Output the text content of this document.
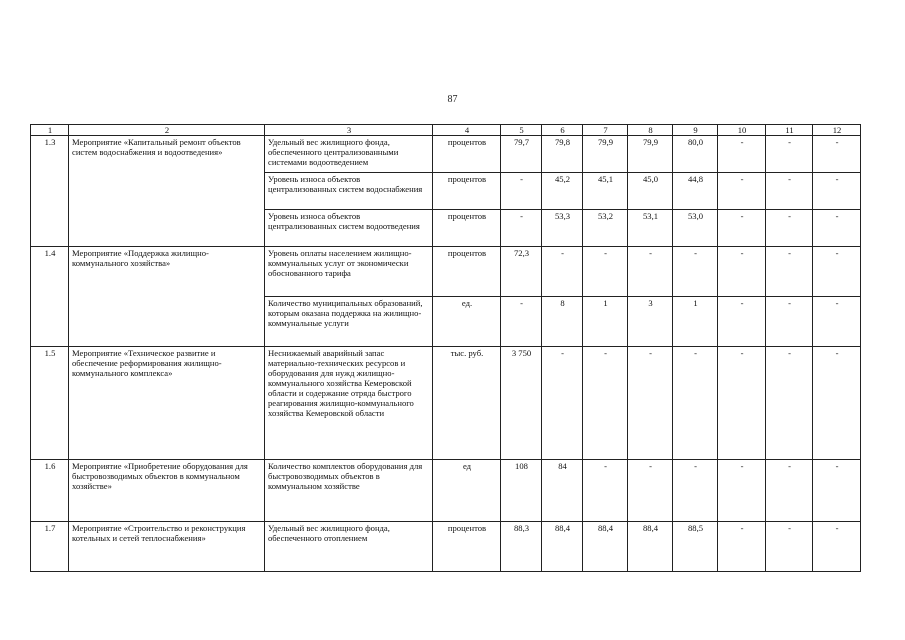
87
1	2	3	4	5	6	7	8	9	10	11	12
1.3	Мероприятие «Капитальный ремонт объектов систем водоснабжения и водоотведения»	Удельный вес жилищного фонда, обеспеченного централизованными системами водоотведением	процентов	79,7	79,8	79,9	79,9	80,0	-	-	-
		Уровень износа объектов централизованных систем водоснабжения	процентов	-	45,2	45,1	45,0	44,8	-	-	-
		Уровень износа объектов централизованных систем водоотведения	процентов	-	53,3	53,2	53,1	53,0	-	-	-
1.4	Мероприятие «Поддержка жилищно-коммунального хозяйства»	Уровень оплаты населением жилищно-коммунальных услуг от экономически обоснованного тарифа	процентов	72,3	-	-	-	-	-	-	-
		Количество муниципальных образований, которым оказана поддержка на жилищно-коммунальные услуги	ед.	-	8	1	3	1	-	-	-
1.5	Мероприятие «Техническое развитие и обеспечение реформирования жилищно-коммунального комплекса»	Неснижаемый аварийный запас материально-технических ресурсов и оборудования для нужд жилищно-коммунального хозяйства Кемеровской области и содержание отряда быстрого реагирования жилищно-коммунального хозяйства Кемеровской области	тыс. руб.	3 750	-	-	-	-	-	-	-
1.6	Мероприятие «Приобретение оборудования для быстровозводимых объектов в коммунальном хозяйстве»	Количество комплектов оборудования для быстровозводимых объектов в коммунальном хозяйстве	ед	108	84	-	-	-	-	-	-
1.7	Мероприятие «Строительство и реконструкция котельных и сетей теплоснабжения»	Удельный вес жилищного фонда, обеспеченного отоплением	процентов	88,3	88,4	88,4	88,4	88,5	-	-	-
